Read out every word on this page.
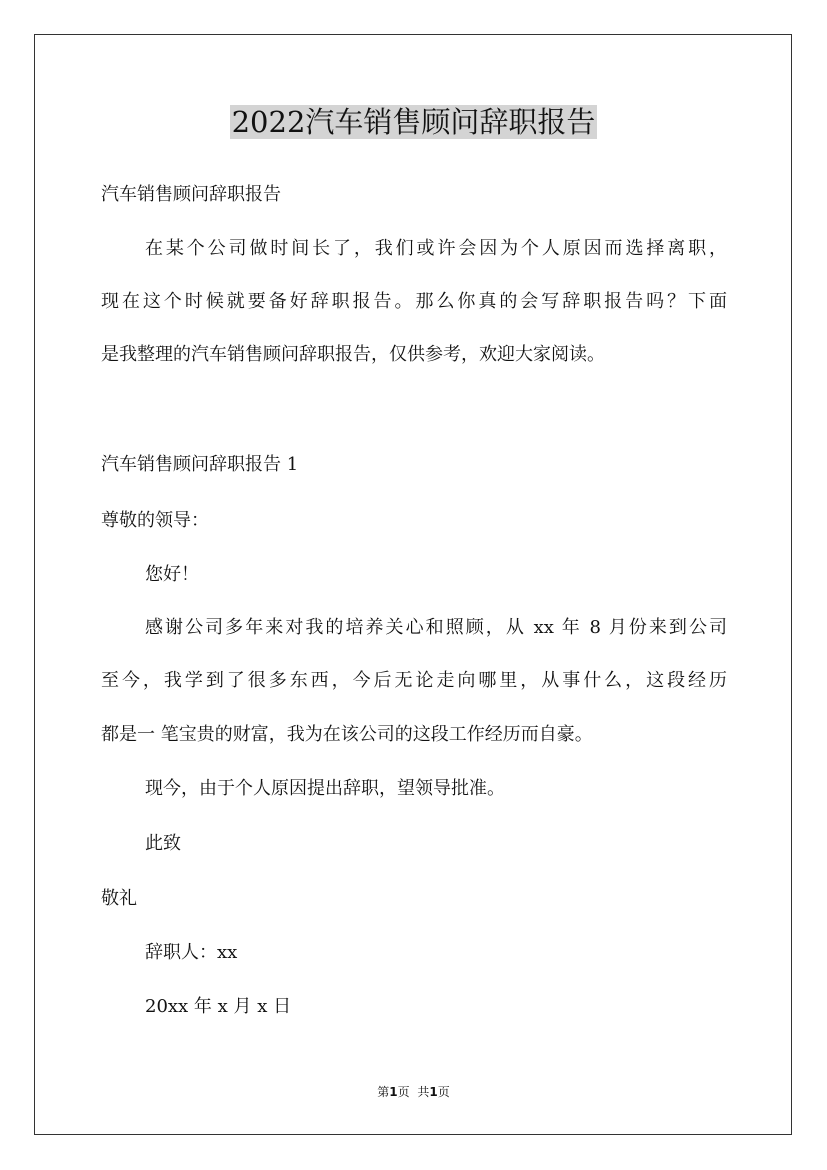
2022汽车销售顾问辞职报告
汽车销售顾问辞职报告
在某个公司做时间长了，我们或许会因为个人原因而选择离职，
现在这个时候就要备好辞职报告。那么你真的会写辞职报告吗？下面
是我整理的汽车销售顾问辞职报告，仅供参考，欢迎大家阅读。
汽车销售顾问辞职报告 1
尊敬的领导：
您好！
感谢公司多年来对我的培养关心和照顾，从 xx 年 8 月份来到公司
至今，我学到了很多东西，今后无论走向哪里，从事什么，这段经历
都是一 笔宝贵的财富，我为在该公司的这段工作经历而自豪。
现今，由于个人原因提出辞职，望领导批准。
此致
敬礼
辞职人：xx
20xx 年 x 月 x 日
第1页 共1页
